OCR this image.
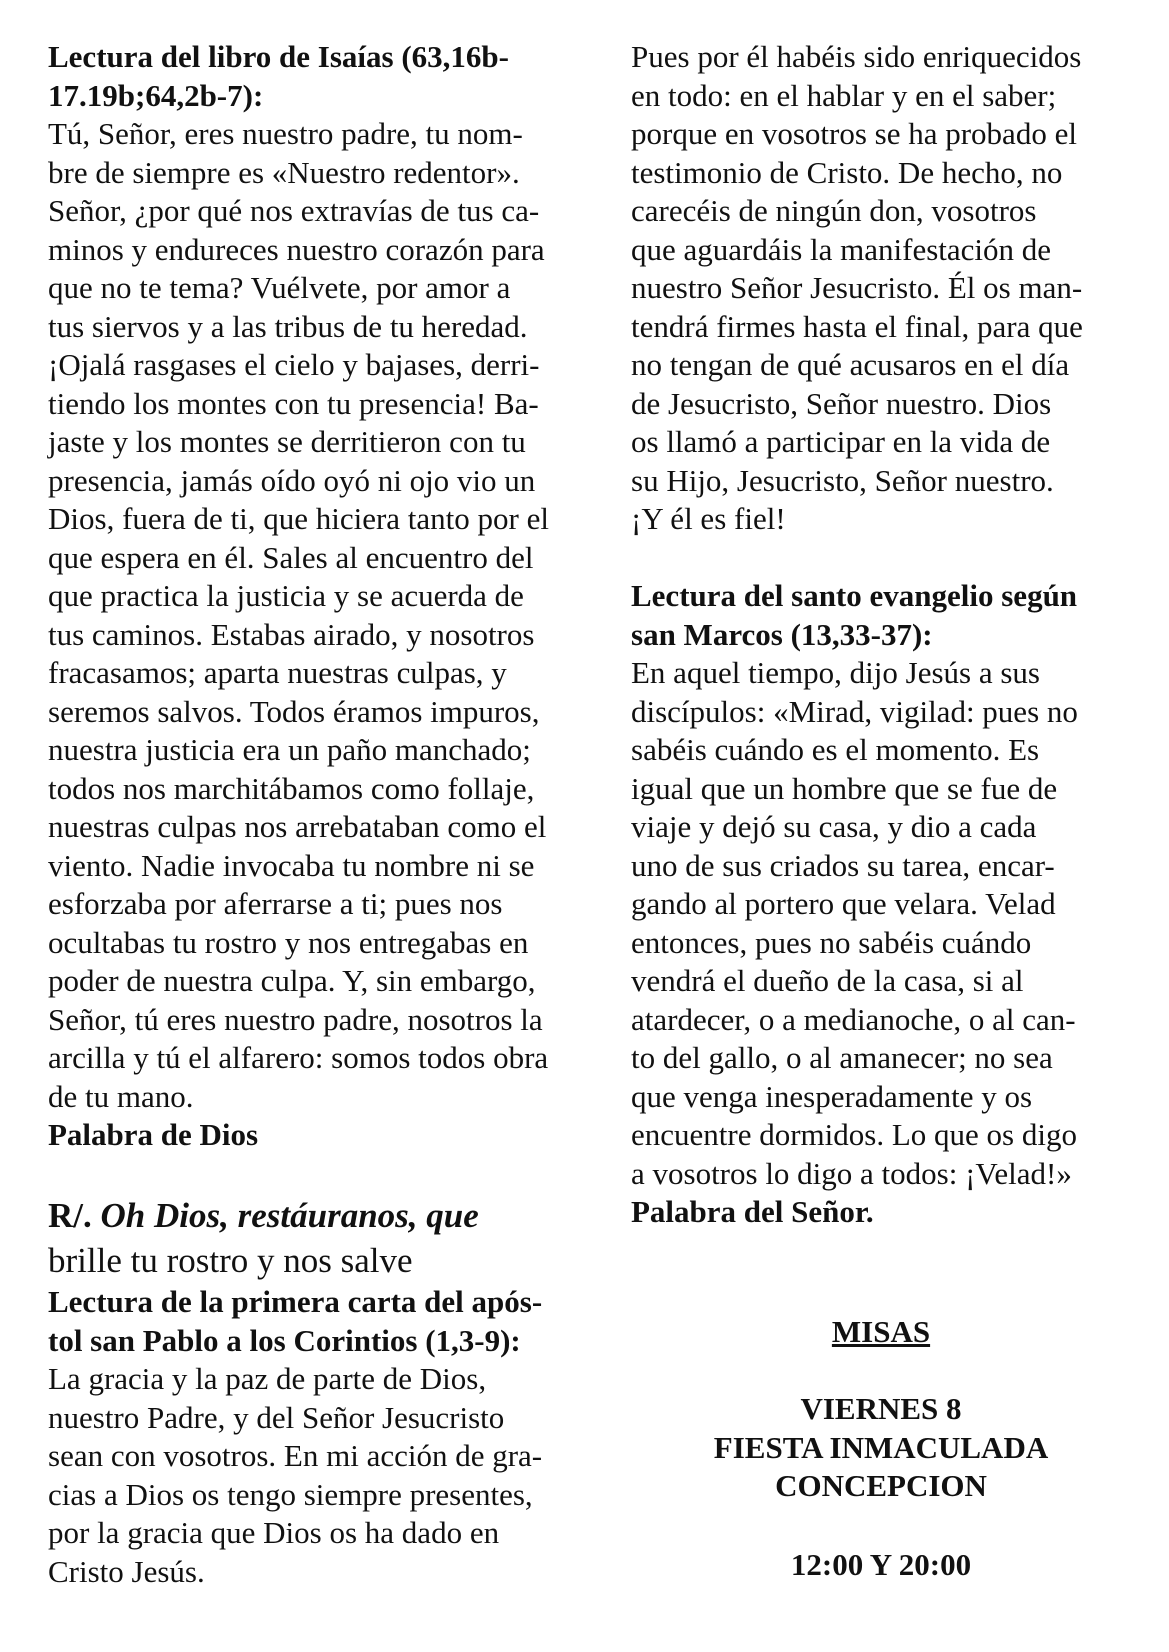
Lectura del libro de Isaías (63,16b-
17.19b;64,2b-7):
Tú, Señor, eres nuestro padre, tu nom-
bre de siempre es «Nuestro redentor».
Señor, ¿por qué nos extravías de tus ca-
minos y endureces nuestro corazón para
que no te tema? Vuélvete, por amor a
tus siervos y a las tribus de tu heredad.
¡Ojalá rasgases el cielo y bajases, derri-
tiendo los montes con tu presencia! Ba-
jaste y los montes se derritieron con tu
presencia, jamás oído oyó ni ojo vio un
Dios, fuera de ti, que hiciera tanto por el
que espera en él. Sales al encuentro del
que practica la justicia y se acuerda de
tus caminos. Estabas airado, y nosotros
fracasamos; aparta nuestras culpas, y
seremos salvos. Todos éramos impuros,
nuestra justicia era un paño manchado;
todos nos marchitábamos como follaje,
nuestras culpas nos arrebataban como el
viento. Nadie invocaba tu nombre ni se
esforzaba por aferrarse a ti; pues nos
ocultabas tu rostro y nos entregabas en
poder de nuestra culpa. Y, sin embargo,
Señor, tú eres nuestro padre, nosotros la
arcilla y tú el alfarero: somos todos obra
de tu mano.
Palabra de Dios
R/. Oh Dios, restáuranos, que
brille tu rostro y nos salve
Lectura de la primera carta del após-
tol san Pablo a los Corintios (1,3-9):
La gracia y la paz de parte de Dios,
nuestro Padre, y del Señor Jesucristo
sean con vosotros. En mi acción de gra-
cias a Dios os tengo siempre presentes,
por la gracia que Dios os ha dado en
Cristo Jesús.
Pues por él habéis sido enriquecidos
en todo: en el hablar y en el saber;
porque en vosotros se ha probado el
testimonio de Cristo. De hecho, no
carecéis de ningún don, vosotros
que aguardáis la manifestación de
nuestro Señor Jesucristo. Él os man-
tendrá firmes hasta el final, para que
no tengan de qué acusaros en el día
de Jesucristo, Señor nuestro. Dios
os llamó a participar en la vida de
su Hijo, Jesucristo, Señor nuestro.
¡Y él es fiel!
Lectura del santo evangelio según
san Marcos (13,33-37):
En aquel tiempo, dijo Jesús a sus
discípulos: «Mirad, vigilad: pues no
sabéis cuándo es el momento. Es
igual que un hombre que se fue de
viaje y dejó su casa, y dio a cada
uno de sus criados su tarea, encar-
gando al portero que velara. Velad
entonces, pues no sabéis cuándo
vendrá el dueño de la casa, si al
atardecer, o a medianoche, o al can-
to del gallo, o al amanecer; no sea
que venga inesperadamente y os
encuentre dormidos. Lo que os digo
a vosotros lo digo a todos: ¡Velad!»
Palabra del Señor.
MISAS
VIERNES 8
FIESTA INMACULADA
CONCEPCION
12:00 Y 20:00
